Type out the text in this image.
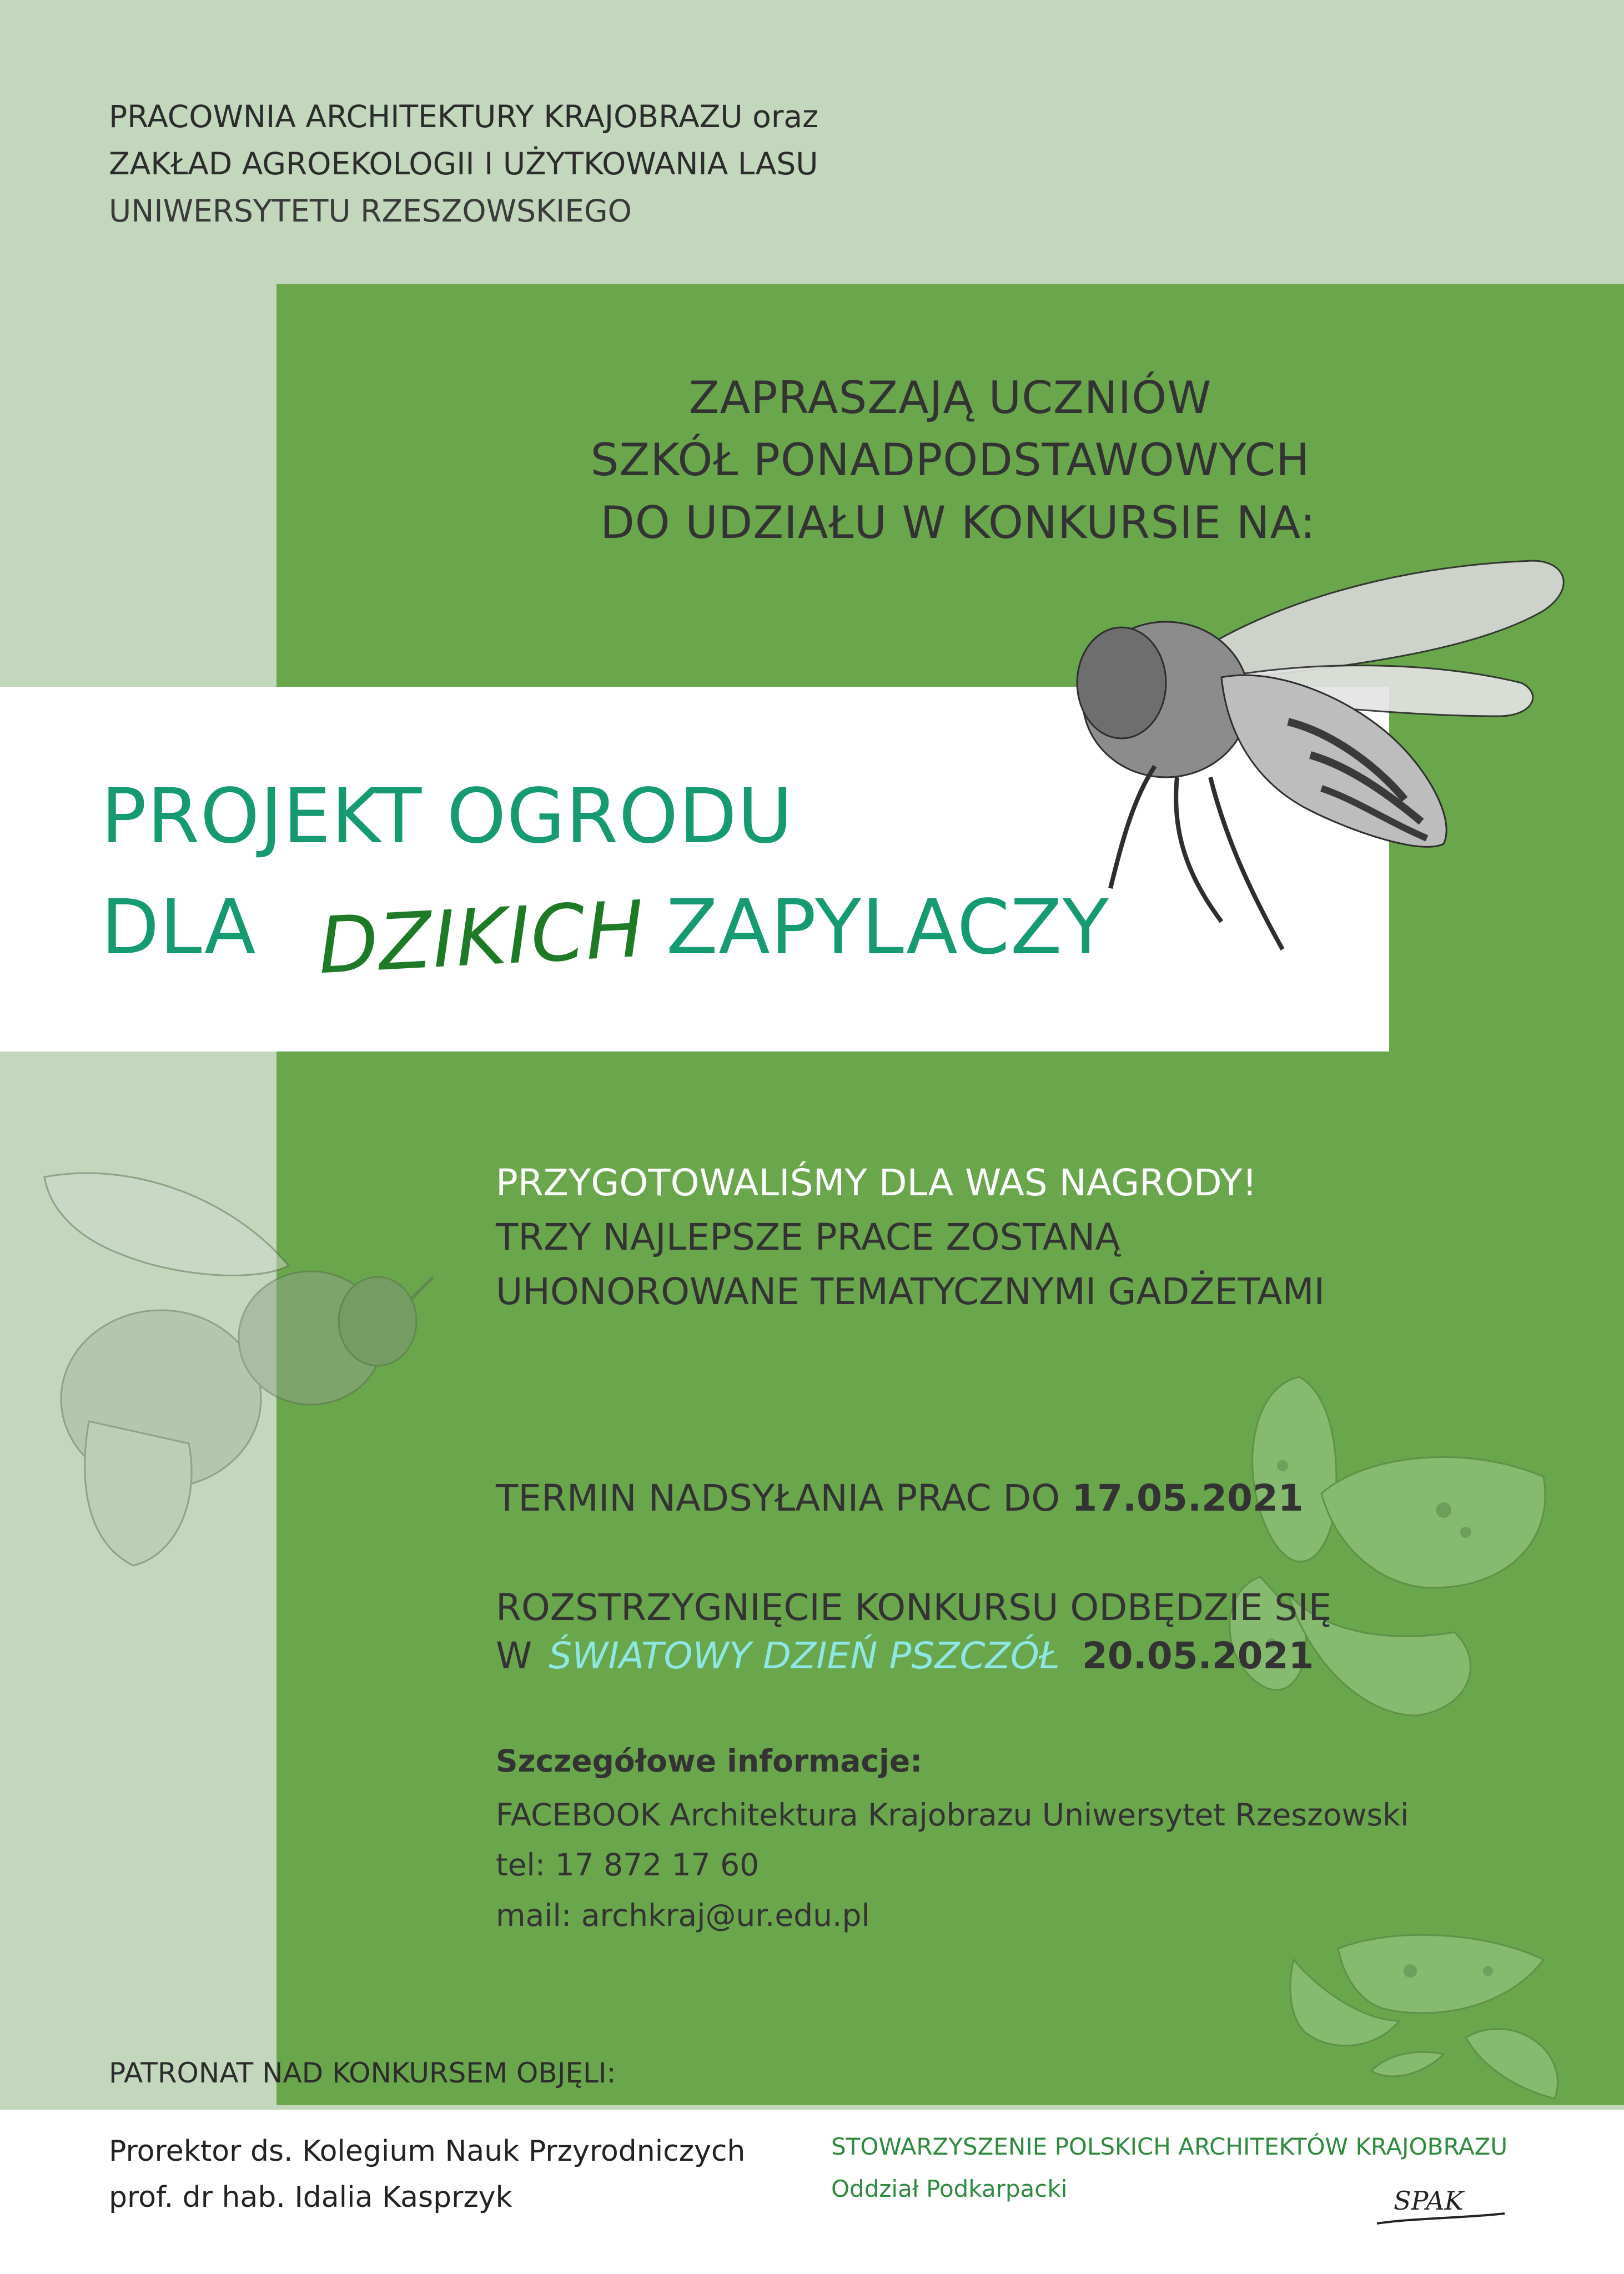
PRACOWNIA ARCHITEKTURY KRAJOBRAZU oraz

ZAKŁAD AGROEKOLOGII I UŻYTKOWANIA LASU

UNIWERSYTETU RZESZOWSKIEGO

ZAPRASZAJĄ UCZNIÓW

SZKÓŁ PONADPODSTAWOWYCH

DO UDZIAŁU W KONKURSIE NA:

PROJEKT OGRODU
DLA DZIKICH ZAPYLACZY

PRZYGOTOWALIŚMY DLA WAS NAGRODY!

TRZY NAJLEPSZE PRACE ZOSTANĄ

UHONOROWANE TEMATYCZNYMI GADŻETAMI

TERMIN NADSYŁANIA PRAC DO 17.05.2021

ROZSTRZYGNIĘCIE KONKURSU ODBĘDZIE SIĘ

W ŚWIATOWY DZIEŃ PSZCZÓŁ 20.05.2021

Szczegółowe informacje:

FACEBOOK Architektura Krajobrazu Uniwersytet Rzeszowski

tel: 17 872 17 60

mail: archkraj@ur.edu.pl

PATRONAT NAD KONKURSEM OBJĘLI:

Prorektor ds. Kolegium Nauk Przyrodniczych

prof. dr hab. Idalia Kasprzyk

STOWARZYSZENIE POLSKICH ARCHITEKTÓW KRAJOBRAZU

Oddział Podkarpacki	SPAK
